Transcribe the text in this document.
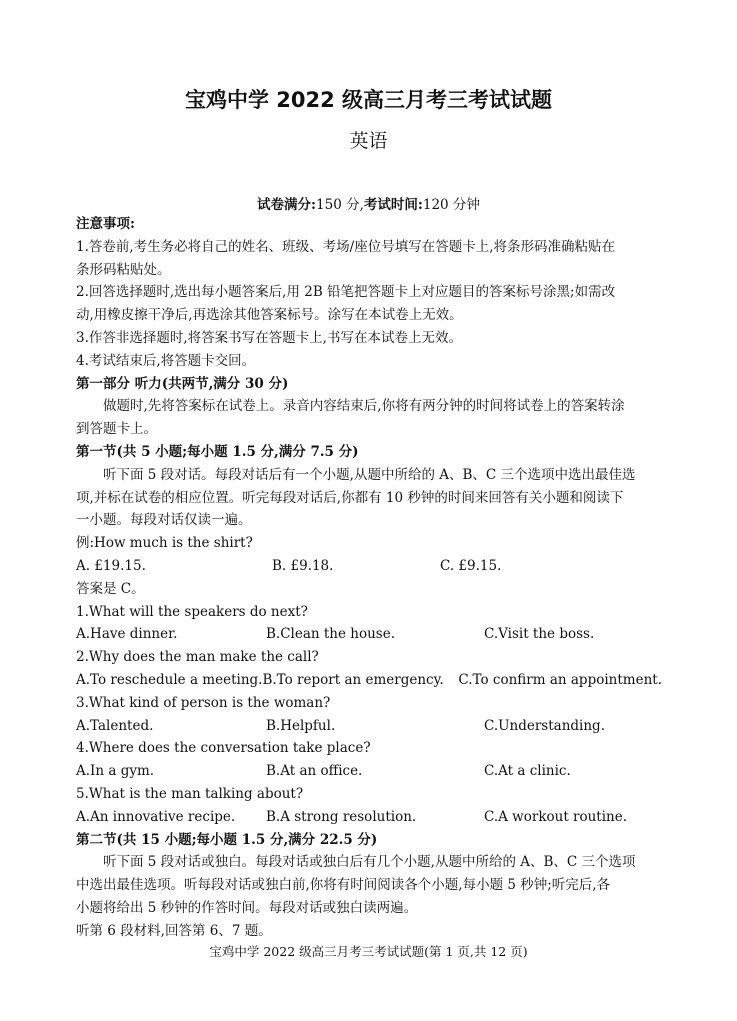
宝鸡中学 2022 级高三月考三考试试题
英语
试卷满分:150 分,考试时间:120 分钟
注意事项:
1.答卷前,考生务必将自己的姓名、班级、考场/座位号填写在答题卡上,将条形码准确粘贴在
条形码粘贴处。
2.回答选择题时,选出每小题答案后,用 2B 铅笔把答题卡上对应题目的答案标号涂黑;如需改
动,用橡皮擦干净后,再选涂其他答案标号。涂写在本试卷上无效。
3.作答非选择题时,将答案书写在答题卡上,书写在本试卷上无效。
4.考试结束后,将答题卡交回。
第一部分 听力(共两节,满分 30 分)
做题时,先将答案标在试卷上。录音内容结束后,你将有两分钟的时间将试卷上的答案转涂
到答题卡上。
第一节(共 5 小题;每小题 1.5 分,满分 7.5 分)
听下面 5 段对话。每段对话后有一个小题,从题中所给的 A、B、C 三个选项中选出最佳选
项,并标在试卷的相应位置。听完每段对话后,你都有 10 秒钟的时间来回答有关小题和阅读下
一小题。每段对话仅读一遍。
例:How much is the shirt?
A. £19.15.	B. £9.18.	C. £9.15.
答案是 C。
1.What will the speakers do next?
A.Have dinner.	B.Clean the house.	C.Visit the boss.
2.Why does the man make the call?
A.To reschedule a meeting. B.To report an emergency.	C.To confirm an appointment.
3.What kind of person is the woman?
A.Talented.	B.Helpful.	C.Understanding.
4.Where does the conversation take place?
A.In a gym.	B.At an office.	C.At a clinic.
5.What is the man talking about?
A.An innovative recipe.	B.A strong resolution.	C.A workout routine.
第二节(共 15 小题;每小题 1.5 分,满分 22.5 分)
听下面 5 段对话或独白。每段对话或独白后有几个小题,从题中所给的 A、B、C 三个选项
中选出最佳选项。听每段对话或独白前,你将有时间阅读各个小题,每小题 5 秒钟;听完后,各
小题将给出 5 秒钟的作答时间。每段对话或独白读两遍。
听第 6 段材料,回答第 6、7 题。
宝鸡中学 2022 级高三月考三考试试题(第 1 页,共 12 页)
